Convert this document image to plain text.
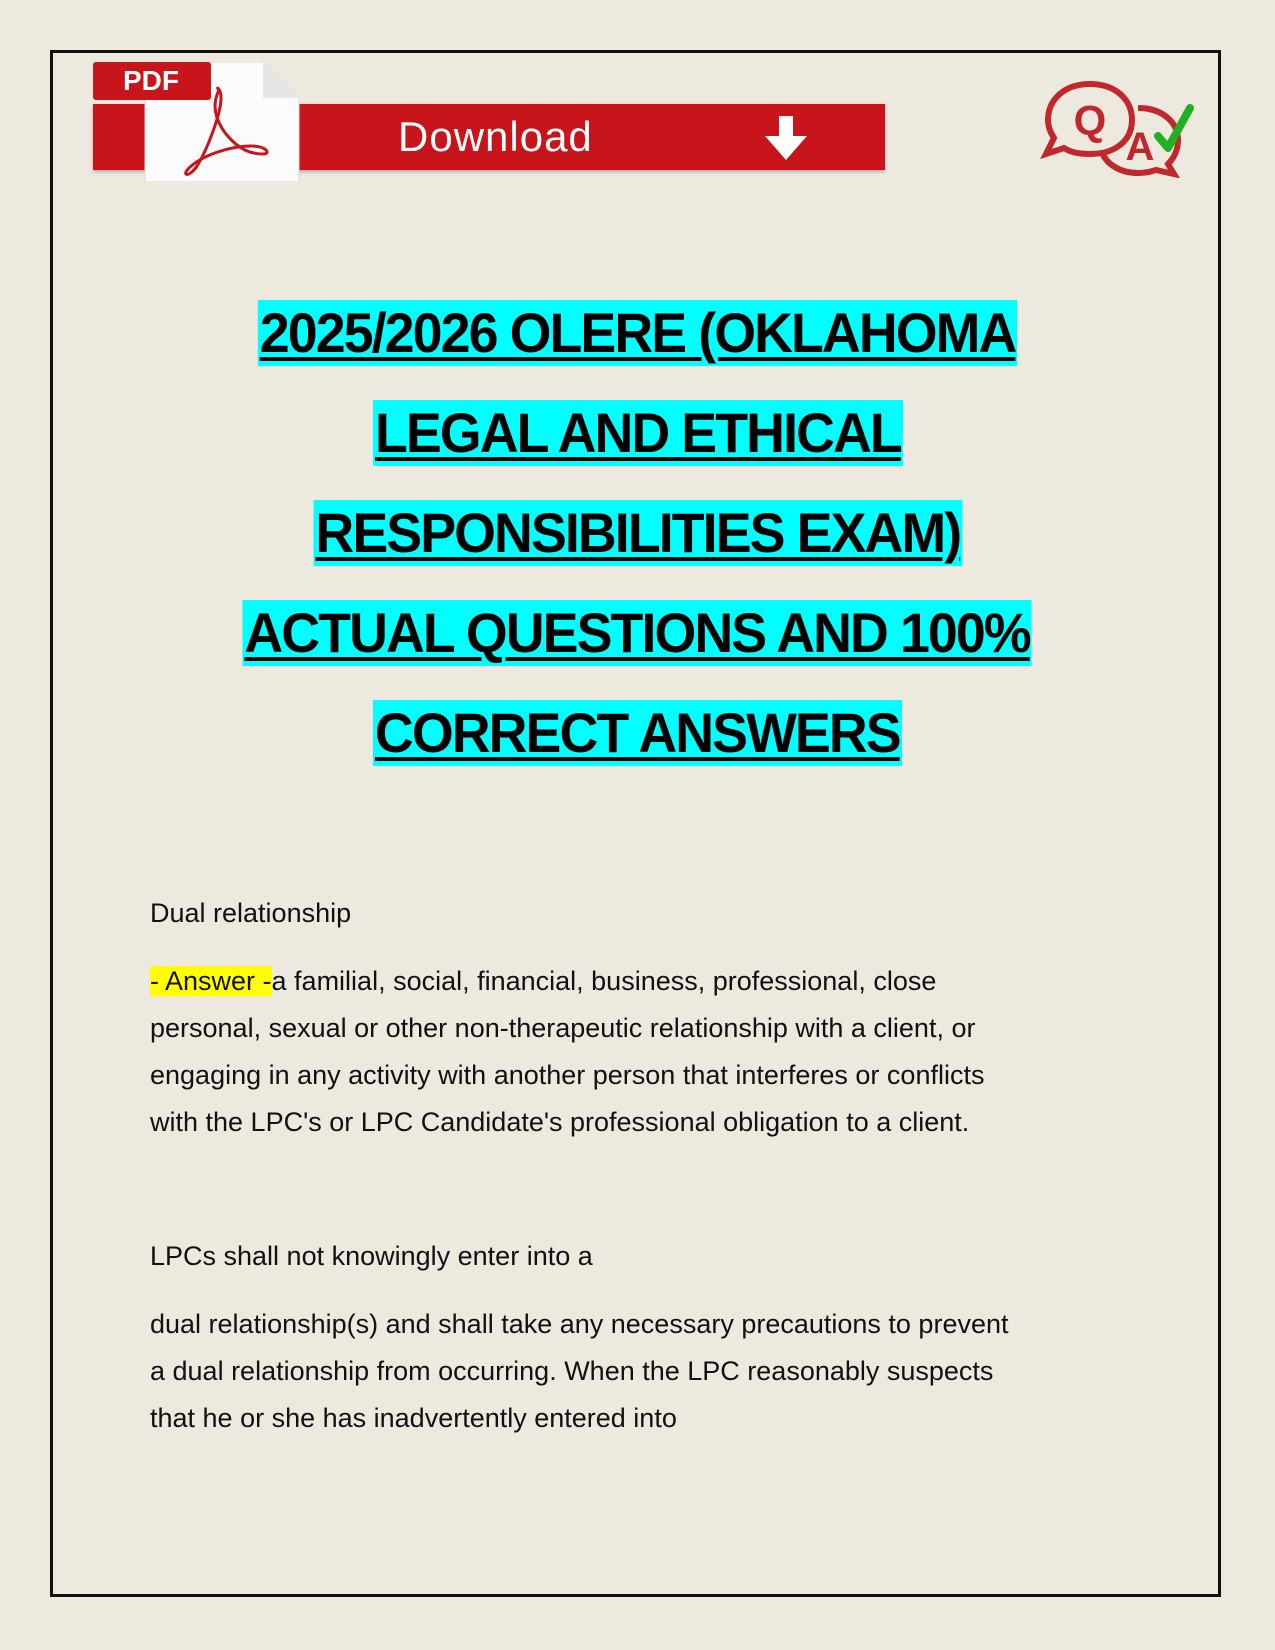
PDF
Download	Q
A
2025/2026 OLERE (OKLAHOMA
LEGAL AND ETHICAL
RESPONSIBILITIES EXAM)
ACTUAL QUESTIONS AND 100%
CORRECT ANSWERS
Dual relationship
- Answer -a familial, social, financial, business, professional, close
personal, sexual or other non-therapeutic relationship with a client, or
engaging in any activity with another person that interferes or conflicts
with the LPC's or LPC Candidate's professional obligation to a client.
LPCs shall not knowingly enter into a
dual relationship(s) and shall take any necessary precautions to prevent
a dual relationship from occurring. When the LPC reasonably suspects
that he or she has inadvertently entered into
